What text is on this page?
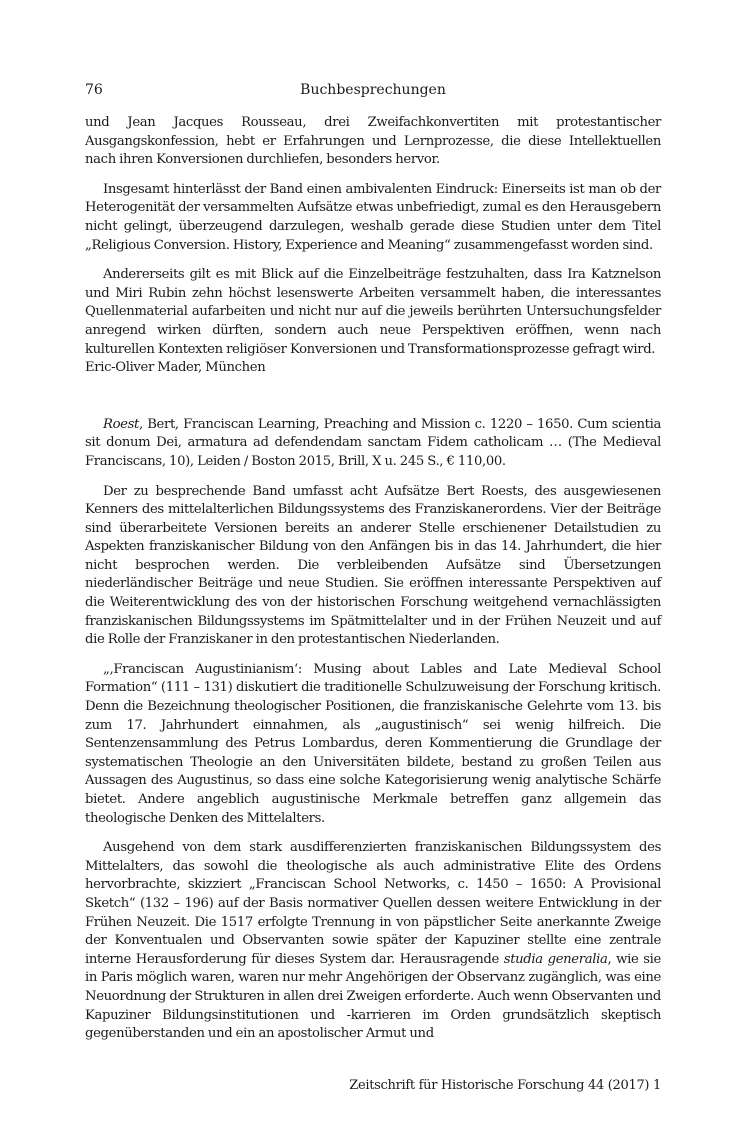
76	Buchbesprechungen

und Jean Jacques Rousseau, drei Zweifachkonvertiten mit protestantischer Ausgangskonfession, hebt er Erfahrungen und Lernprozesse, die diese Intellektuellen nach ihren Konversionen durchliefen, besonders hervor.

Insgesamt hinterlässt der Band einen ambivalenten Eindruck: Einerseits ist man ob der Heterogenität der versammelten Aufsätze etwas unbefriedigt, zumal es den Herausgebern nicht gelingt, überzeugend darzulegen, weshalb gerade diese Studien unter dem Titel „Religious Conversion. History, Experience and Meaning“ zusammengefasst worden sind.

Andererseits gilt es mit Blick auf die Einzelbeiträge festzuhalten, dass Ira Katznelson und Miri Rubin zehn höchst lesenswerte Arbeiten versammelt haben, die interessantes Quellenmaterial aufarbeiten und nicht nur auf die jeweils berührten Untersuchungsfelder anregend wirken dürften, sondern auch neue Perspektiven eröffnen, wenn nach kulturellen Kontexten religiöser Konversionen und Transformationsprozesse gefragt wird.

Eric-Oliver Mader, München

Roest, Bert, Franciscan Learning, Preaching and Mission c. 1220 – 1650. Cum scientia sit donum Dei, armatura ad defendendam sanctam Fidem catholicam … (The Medieval Franciscans, 10), Leiden / Boston 2015, Brill, X u. 245 S., € 110,00.

Der zu besprechende Band umfasst acht Aufsätze Bert Roests, des ausgewiesenen Kenners des mittelalterlichen Bildungssystems des Franziskanerordens. Vier der Beiträge sind überarbeitete Versionen bereits an anderer Stelle erschienener Detailstudien zu Aspekten franziskanischer Bildung von den Anfängen bis in das 14. Jahrhundert, die hier nicht besprochen werden. Die verbleibenden Aufsätze sind Übersetzungen niederländischer Beiträge und neue Studien. Sie eröffnen interessante Perspektiven auf die Weiterentwicklung des von der historischen Forschung weitgehend vernachlässigten franziskanischen Bildungssystems im Spätmittelalter und in der Frühen Neuzeit und auf die Rolle der Franziskaner in den protestantischen Niederlanden.

„‚Franciscan Augustinianism‘: Musing about Lables and Late Medieval School Formation“ (111 – 131) diskutiert die traditionelle Schulzuweisung der Forschung kritisch. Denn die Bezeichnung theologischer Positionen, die franziskanische Gelehrte vom 13. bis zum 17. Jahrhundert einnahmen, als „augustinisch“ sei wenig hilfreich. Die Sentenzensammlung des Petrus Lombardus, deren Kommentierung die Grundlage der systematischen Theologie an den Universitäten bildete, bestand zu großen Teilen aus Aussagen des Augustinus, so dass eine solche Kategorisierung wenig analytische Schärfe bietet. Andere angeblich augustinische Merkmale betreffen ganz allgemein das theologische Denken des Mittelalters.

Ausgehend von dem stark ausdifferenzierten franziskanischen Bildungssystem des Mittelalters, das sowohl die theologische als auch administrative Elite des Ordens hervorbrachte, skizziert „Franciscan School Networks, c. 1450 – 1650: A Provisional Sketch“ (132 – 196) auf der Basis normativer Quellen dessen weitere Entwicklung in der Frühen Neuzeit. Die 1517 erfolgte Trennung in von päpstlicher Seite anerkannte Zweige der Konventualen und Observanten sowie später der Kapuziner stellte eine zentrale interne Herausforderung für dieses System dar. Herausragende studia generalia, wie sie in Paris möglich waren, waren nur mehr Angehörigen der Observanz zugänglich, was eine Neuordnung der Strukturen in allen drei Zweigen erforderte. Auch wenn Observanten und Kapuziner Bildungsinstitutionen und -karrieren im Orden grundsätzlich skeptisch gegenüberstanden und ein an apostolischer Armut und

Zeitschrift für Historische Forschung 44 (2017) 1
